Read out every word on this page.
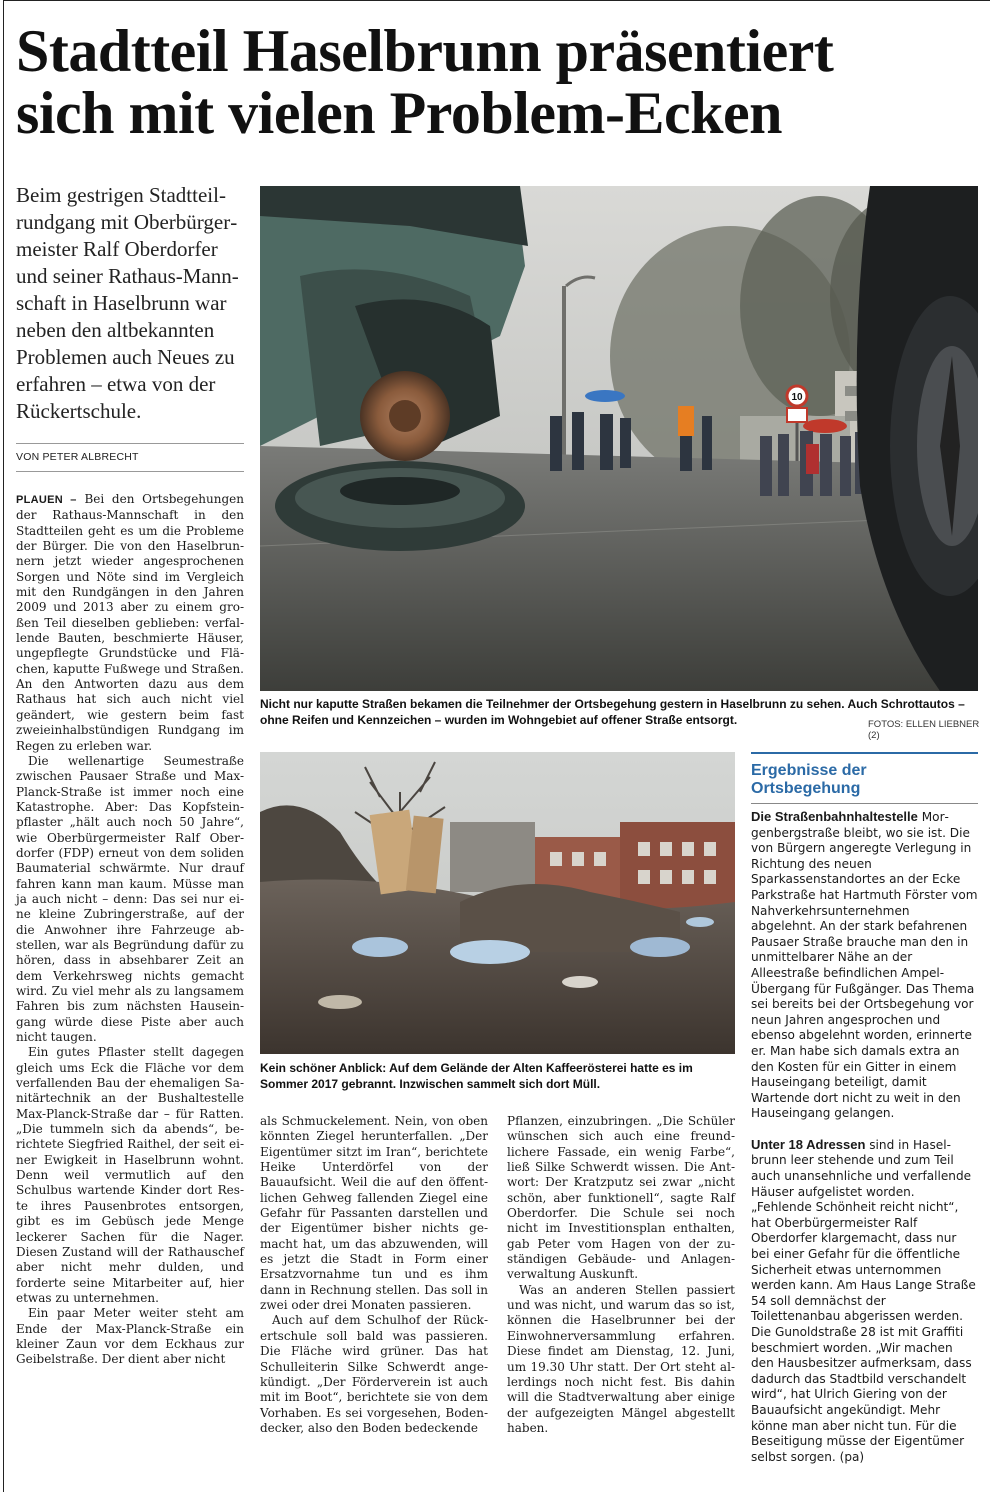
Stadtteil Haselbrunn präsentiert
sich mit vielen Problem-Ecken
Beim gestrigen Stadtteilrundgang mit Oberbürgermeister Ralf Oberdorfer und seiner Rathaus-Mannschaft in Haselbrunn war neben den altbekannten Problemen auch Neues zu erfahren – etwa von der Rückertschule.
VON PETER ALBRECHT

PLAUEN – Bei den Ortsbegehungen der Rathaus-Mannschaft in den Stadtteilen geht es um die Probleme der Bürger. Die von den Haselbrunnern jetzt wieder angesprochenen Sorgen und Nöte sind im Vergleich mit den Rundgängen in den Jahren 2009 und 2013 aber zu einem großen Teil dieselben geblieben: verfallende Bauten, beschmierte Häuser, ungepflegte Grundstücke und Flächen, kaputte Fußwege und Straßen. An den Antworten dazu aus dem Rathaus hat sich auch nicht viel geändert, wie gestern beim fast zweieinhalbstündigen Rundgang im Regen zu erleben war.

Die wellenartige Seumestraße zwischen Pausaer Straße und Max-Planck-Straße ist immer noch eine Katastrophe. Aber: Das Kopfsteinpflaster „hält auch noch 50 Jahre“, wie Oberbürgermeister Ralf Oberdorfer (FDP) erneut von dem soliden Baumaterial schwärmte. Nur drauf fahren kann man kaum. Müsse man ja auch nicht – denn: Das sei nur eine kleine Zubringerstraße, auf der die Anwohner ihre Fahrzeuge abstellen, war als Begründung dafür zu hören, dass in absehbarer Zeit an dem Verkehrsweg nichts gemacht wird. Zu viel mehr als zu langsamem Fahren bis zum nächsten Hauseingang würde diese Piste aber auch nicht taugen.

Ein gutes Pflaster stellt dagegen gleich ums Eck die Fläche vor dem verfallenden Bau der ehemaligen Sanitärtechnik an der Bushaltestelle Max-Planck-Straße dar – für Ratten. „Die tummeln sich da abends“, berichtete Siegfried Raithel, der seit einer Ewigkeit in Haselbrunn wohnt. Denn weil vermutlich auf den Schulbus wartende Kinder dort Reste ihres Pausenbrotes entsorgen, gibt es im Gebüsch jede Menge leckerer Sachen für die Nager. Diesen Zustand will der Rathauschef aber nicht mehr dulden, und forderte seine Mitarbeiter auf, hier etwas zu unternehmen.

Ein paar Meter weiter steht am Ende der Max-Planck-Straße ein kleiner Zaun vor dem Eckhaus zur Geibelstraße. Der dient aber nicht

10
Nicht nur kaputte Straßen bekamen die Teilnehmer der Ortsbegehung gestern in Haselbrunn zu sehen. Auch Schrottautos – ohne Reifen und Kennzeichen – wurden im Wohngebiet auf offener Straße entsorgt.	FOTOS: ELLEN LIEBNER (2)
Kein schöner Anblick: Auf dem Gelände der Alten Kaffeerösterei hatte es im Sommer 2017 gebrannt. Inzwischen sammelt sich dort Müll.

als Schmuckelement. Nein, von oben könnten Ziegel herunterfallen. „Der Eigentümer sitzt im Iran“, berichtete Heike Unterdörfel von der Bauaufsicht. Weil die auf den öffentlichen Gehweg fallenden Ziegel eine Gefahr für Passanten darstellen und der Eigentümer bisher nichts gemacht hat, um das abzuwenden, will es jetzt die Stadt in Form einer Ersatzvornahme tun und es ihm dann in Rechnung stellen. Das soll in zwei oder drei Monaten passieren.

Auch auf dem Schulhof der Rückertschule soll bald was passieren. Die Fläche wird grüner. Das hat Schulleiterin Silke Schwerdt angekündigt. „Der Förderverein ist auch mit im Boot“, berichtete sie von dem Vorhaben. Es sei vorgesehen, Bodendecker, also den Boden bedeckende

Pflanzen, einzubringen. „Die Schüler wünschen sich auch eine freundlichere Fassade, ein wenig Farbe“, ließ Silke Schwerdt wissen. Die Antwort: Der Kratzputz sei zwar „nicht schön, aber funktionell“, sagte Ralf Oberdorfer. Die Schule sei noch nicht im Investitionsplan enthalten, gab Peter vom Hagen von der zuständigen Gebäude- und Anlagenverwaltung Auskunft.

Was an anderen Stellen passiert und was nicht, und warum das so ist, können die Haselbrunner bei der Einwohnerversammlung erfahren. Diese findet am Dienstag, 12. Juni, um 19.30 Uhr statt. Der Ort steht allerdings noch nicht fest. Bis dahin will die Stadtverwaltung aber einige der aufgezeigten Mängel abgestellt haben.

Ergebnisse der Ortsbegehung

Die Straßenbahnhaltestelle Morgenbergstraße bleibt, wo sie ist. Die von Bürgern angeregte Verlegung in Richtung des neuen Sparkassenstandortes an der Ecke Parkstraße hat Hartmuth Förster vom Nahverkehrsunternehmen abgelehnt. An der stark befahrenen Pausaer Straße brauche man den in unmittelbarer Nähe an der Alleestraße befindlichen Ampel-Übergang für Fußgänger. Das Thema sei bereits bei der Ortsbegehung vor neun Jahren angesprochen und ebenso abgelehnt worden, erinnerte er. Man habe sich damals extra an den Kosten für ein Gitter in einem Hauseingang beteiligt, damit Wartende dort nicht zu weit in den Hauseingang gelangen.

Unter 18 Adressen sind in Haselbrunn leer stehende und zum Teil auch unansehnliche und verfallende Häuser aufgelistet worden. „Fehlende Schönheit reicht nicht“, hat Oberbürgermeister Ralf Oberdorfer klargemacht, dass nur bei einer Gefahr für die öffentliche Sicherheit etwas unternommen werden kann. Am Haus Lange Straße 54 soll demnächst der Toilettenanbau abgerissen werden. Die Gunoldstraße 28 ist mit Graffiti beschmiert worden. „Wir machen den Hausbesitzer aufmerksam, dass dadurch das Stadtbild verschandelt wird“, hat Ulrich Giering von der Bauaufsicht angekündigt. Mehr könne man aber nicht tun. Für die Beseitigung müsse der Eigentümer selbst sorgen. (pa)
